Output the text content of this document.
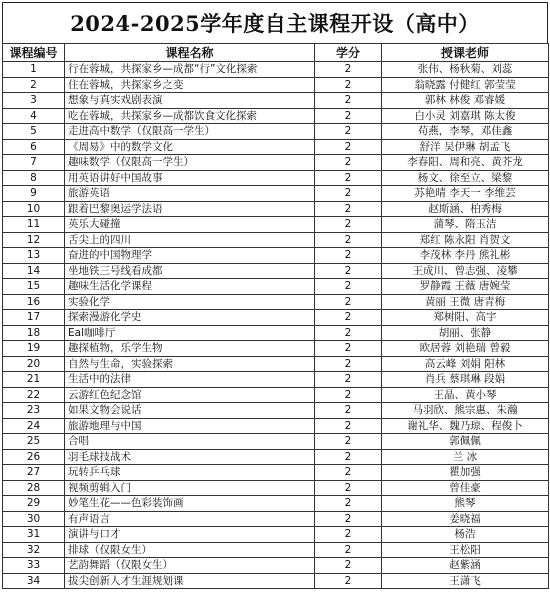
2024-2025学年度自主课程开设（高中）
课程编号	课程名称	学分	授课老师
1	行在蓉城，共探家乡—成都“行”文化探索	2	张伟、杨秋菊、刘蕊
2	住在蓉城，共探家乡之变	2	翁晓露 付健红 郭莹莹
3	想象与真实戏剧表演	2	郭林 林俊 邓睿媛
4	吃在蓉城，共探家乡—成都饮食文化探索	2	白小灵 刘嘉琪 陈太俊
5	走进高中数学（仅限高一学生）	2	苟燕，李琴，邓佳鑫
6	《周易》中的数学文化	2	舒洋 吴伊琳 胡孟飞
7	趣味数学（仅限高一学生）	2	李春阳、周和亮、黄芥龙
8	用英语讲好中国故事	2	杨文、徐至立、梁黎
9	旅游英语	2	苏艳晴 李天一 李维芸
10	跟着巴黎奥运学法语	2	赵斯涵、柏秀梅
11	英乐大碰撞	2	蒲琴、隋玉洁
12	舌尖上的四川	2	郑红 陈永阳 肖贺文
13	奋进的中国物理学	2	李茂林 李丹 熊礼彬
14	坐地铁三号线看成都	2	王成川、曾志强、凌攀
15	趣味生活化学课程	2	罗静霞 王薇 唐婉莹
16	实验化学	2	黄丽 王微 唐青梅
17	探索漫游化学史	2	郑树阳、高宇
18	Eal咖啡厅	2	胡丽、张静
19	趣探植物，乐学生物	2	欧居蓉 刘艳瑞 曾毅
20	自然与生命，实验探索	2	高云峰 刘娟 阳林
21	生活中的法律	2	肖兵 蔡琪琳 段娟
22	云游红色纪念馆	2	王晶、黄小琴
23	如果文物会说话	2	马羽欣、熊宗惠、朱瀚
24	旅游地理与中国	2	谢礼华、魏乃琼、程俊卜
25	合唱	2	郭佩佩
26	羽毛球技战术	2	兰 冰
27	玩转乒乓球	2	瞿加强
28	视频剪辑入门	2	曾佳豪
29	妙笔生花——色彩装饰画	2	熊琴
30	有声语言	2	姜晓福
31	演讲与口才	2	杨浩
32	排球（仅限女生）	2	王松阳
33	艺韵舞蹈（仅限女生）	2	赵紫涵
34	拔尖创新人才生涯规划课	2	王潇飞
